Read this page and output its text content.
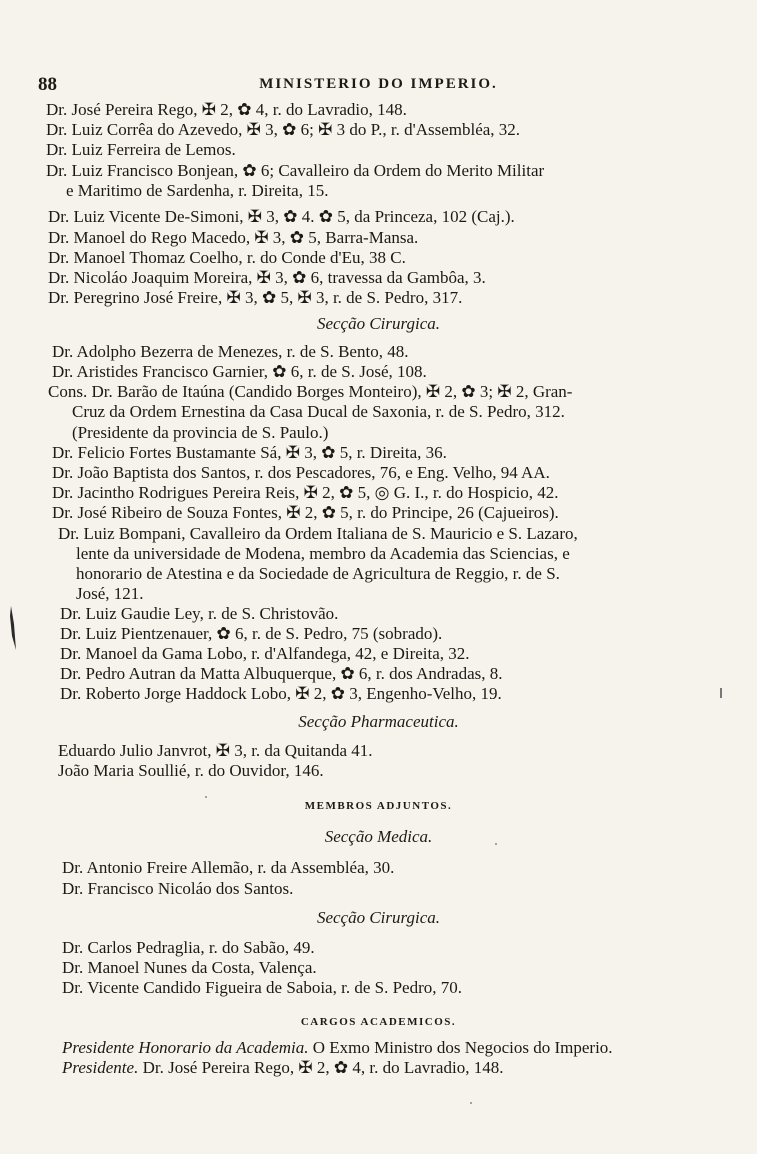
88	MINISTERIO DO IMPERIO.
Dr. José Pereira Rego, ✠ 2, ✿ 4, r. do Lavradio, 148.
Dr. Luiz Corrêa do Azevedo, ✠ 3, ✿ 6; ✠ 3 do P., r. d'Assembléa, 32.
Dr. Luiz Ferreira de Lemos.
Dr. Luiz Francisco Bonjean, ✿ 6; Cavalleiro da Ordem do Merito Militar
e Maritimo de Sardenha, r. Direita, 15.
Dr. Luiz Vicente De-Simoni, ✠ 3, ✿ 4. ✿ 5, da Princeza, 102 (Caj.).
Dr. Manoel do Rego Macedo, ✠ 3, ✿ 5, Barra-Mansa.
Dr. Manoel Thomaz Coelho, r. do Conde d'Eu, 38 C.
Dr. Nicoláo Joaquim Moreira, ✠ 3, ✿ 6, travessa da Gambôa, 3.
Dr. Peregrino José Freire, ✠ 3, ✿ 5, ✠ 3, r. de S. Pedro, 317.
Secção Cirurgica.
Dr. Adolpho Bezerra de Menezes, r. de S. Bento, 48.
Dr. Aristides Francisco Garnier, ✿ 6, r. de S. José, 108.
Cons. Dr. Barão de Itaúna (Candido Borges Monteiro), ✠ 2, ✿ 3; ✠ 2, Gran-
Cruz da Ordem Ernestina da Casa Ducal de Saxonia, r. de S. Pedro, 312.
(Presidente da provincia de S. Paulo.)
Dr. Felicio Fortes Bustamante Sá, ✠ 3, ✿ 5, r. Direita, 36.
Dr. João Baptista dos Santos, r. dos Pescadores, 76, e Eng. Velho, 94 AA.
Dr. Jacintho Rodrigues Pereira Reis, ✠ 2, ✿ 5, ◎ G. I., r. do Hospicio, 42.
Dr. José Ribeiro de Souza Fontes, ✠ 2, ✿ 5, r. do Principe, 26 (Cajueiros).
Dr. Luiz Bompani, Cavalleiro da Ordem Italiana de S. Mauricio e S. Lazaro,
lente da universidade de Modena, membro da Academia das Sciencias, e
honorario de Atestina e da Sociedade de Agricultura de Reggio, r. de S.
José, 121.
Dr. Luiz Gaudie Ley, r. de S. Christovão.
Dr. Luiz Pientzenauer, ✿ 6, r. de S. Pedro, 75 (sobrado).
Dr. Manoel da Gama Lobo, r. d'Alfandega, 42, e Direita, 32.
Dr. Pedro Autran da Matta Albuquerque, ✿ 6, r. dos Andradas, 8.
Dr. Roberto Jorge Haddock Lobo, ✠ 2, ✿ 3, Engenho-Velho, 19.
Secção Pharmaceutica.
Eduardo Julio Janvrot, ✠ 3, r. da Quitanda 41.
João Maria Soullié, r. do Ouvidor, 146.
MEMBROS ADJUNTOS.
Secção Medica.
Dr. Antonio Freire Allemão, r. da Assembléa, 30.
Dr. Francisco Nicoláo dos Santos.
Secção Cirurgica.
Dr. Carlos Pedraglia, r. do Sabão, 49.
Dr. Manoel Nunes da Costa, Valença.
Dr. Vicente Candido Figueira de Saboia, r. de S. Pedro, 70.
CARGOS ACADEMICOS.
Presidente Honorario da Academia. O Exmo Ministro dos Negocios do Imperio.
Presidente. Dr. José Pereira Rego, ✠ 2, ✿ 4, r. do Lavradio, 148.
